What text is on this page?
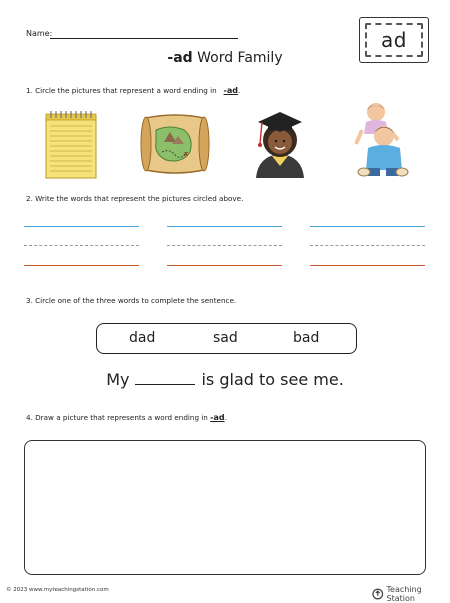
Name:
-ad Word Family
ad
1. Circle the pictures that represent a word ending in -ad.
x
2. Write the words that represent the pictures circled above.
3. Circle one of the three words to complete the sentence.
dad	sad	bad
My	is glad to see me.
4. Draw a picture that represents a word ending in -ad.
© 2023 www.myteachingstation.com	Teaching Station
